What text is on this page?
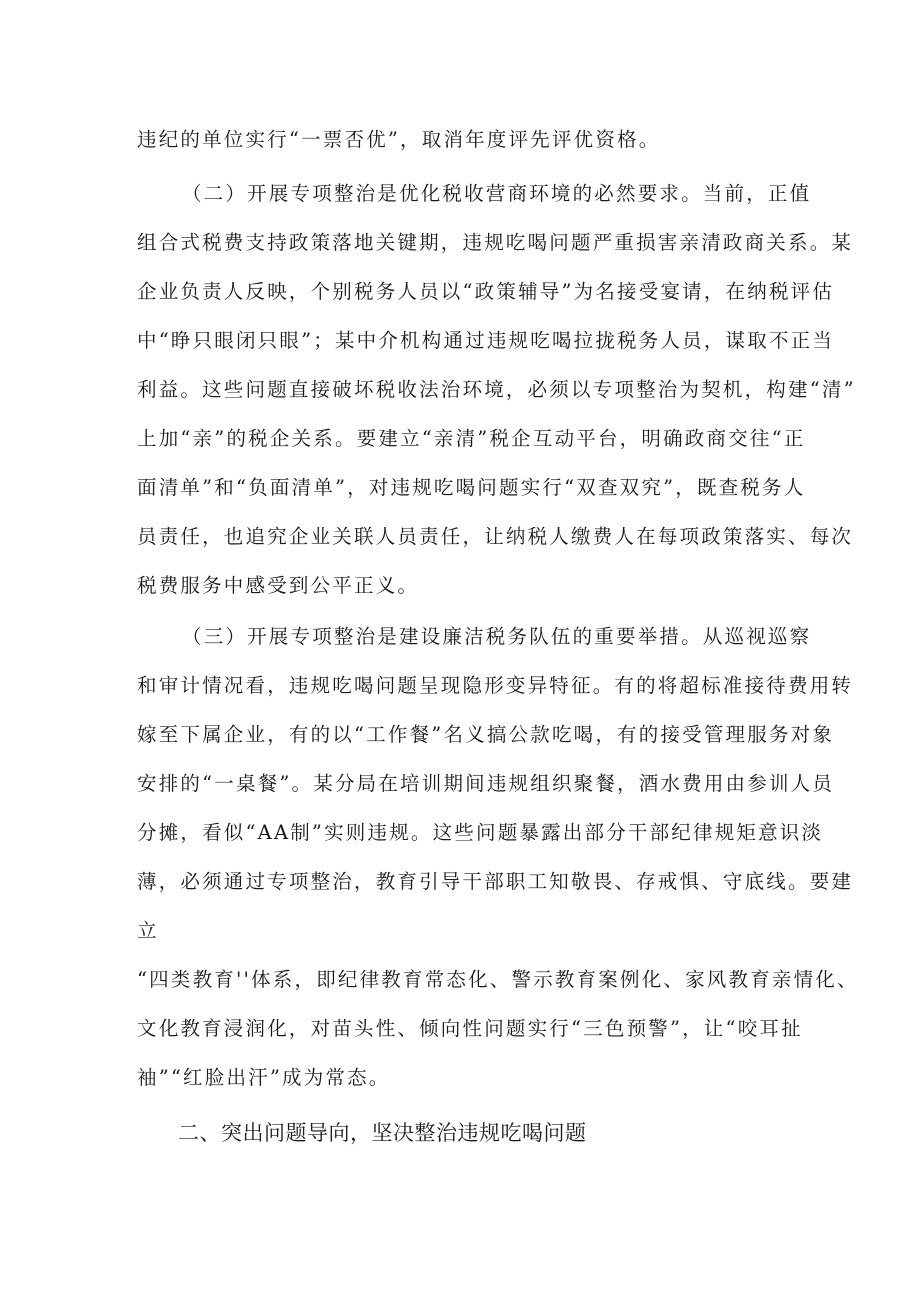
违纪的单位实行“一票否优”，取消年度评先评优资格。
（二）开展专项整治是优化税收营商环境的必然要求。当前，正值
组合式税费支持政策落地关键期，违规吃喝问题严重损害亲清政商关系。某
企业负责人反映，个别税务人员以“政策辅导”为名接受宴请，在纳税评估
中“睁只眼闭只眼”；某中介机构通过违规吃喝拉拢税务人员，谋取不正当
利益。这些问题直接破坏税收法治环境，必须以专项整治为契机，构建“清”
上加“亲”的税企关系。要建立“亲清”税企互动平台，明确政商交往“正
面清单”和“负面清单”，对违规吃喝问题实行“双查双究”，既查税务人
员责任，也追究企业关联人员责任，让纳税人缴费人在每项政策落实、每次
税费服务中感受到公平正义。
（三）开展专项整治是建设廉洁税务队伍的重要举措。从巡视巡察
和审计情况看，违规吃喝问题呈现隐形变异特征。有的将超标准接待费用转
嫁至下属企业，有的以“工作餐”名义搞公款吃喝，有的接受管理服务对象
安排的“一桌餐”。某分局在培训期间违规组织聚餐，酒水费用由参训人员
分摊，看似“AA制”实则违规。这些问题暴露出部分干部纪律规矩意识淡
薄，必须通过专项整治，教育引导干部职工知敬畏、存戒惧、守底线。要建
立
“四类教育''体系，即纪律教育常态化、警示教育案例化、家风教育亲情化、
文化教育浸润化，对苗头性、倾向性问题实行“三色预警”，让“咬耳扯
袖”“红脸出汗”成为常态。
二、突出问题导向，坚决整治违规吃喝问题
